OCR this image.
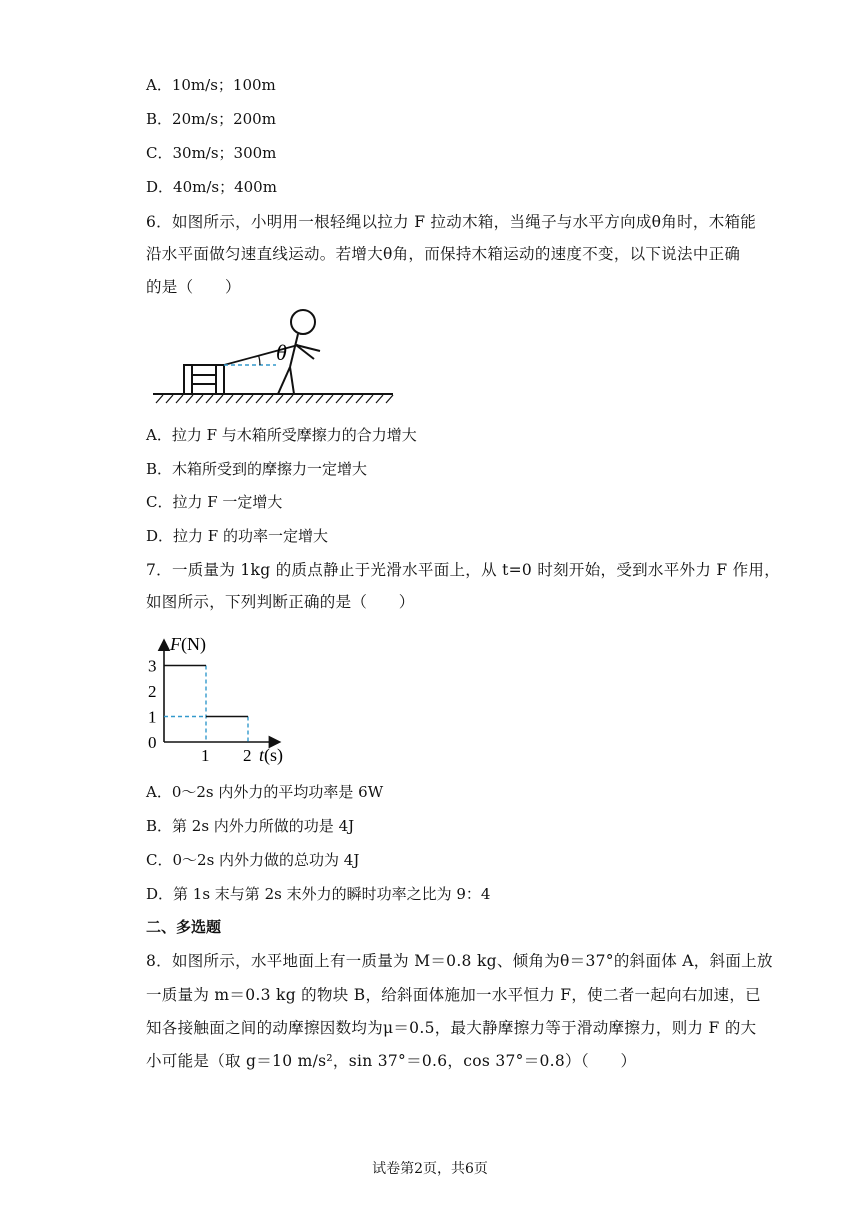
A．10m/s；100m
B．20m/s；200m
C．30m/s；300m
D．40m/s；400m
6．如图所示，小明用一根轻绳以拉力 F 拉动木箱，当绳子与水平方向成θ角时，木箱能
沿水平面做匀速直线运动。若增大θ角，而保持木箱运动的速度不变，以下说法中正确
的是（　　）
θ
A．拉力 F 与木箱所受摩擦力的合力增大
B．木箱所受到的摩擦力一定增大
C．拉力 F 一定增大
D．拉力 F 的功率一定增大
7．一质量为 1kg 的质点静止于光滑水平面上，从 t=0 时刻开始，受到水平外力 F 作用，
如图所示，下列判断正确的是（　　）
0
1
2
3
1 2
F(N)
t(s)
A．0～2s 内外力的平均功率是 6W
B．第 2s 内外力所做的功是 4J
C．0～2s 内外力做的总功为 4J
D．第 1s 末与第 2s 末外力的瞬时功率之比为 9：4
二、多选题
8．如图所示，水平地面上有一质量为 M＝0.8 kg、倾角为θ＝37°的斜面体 A，斜面上放
一质量为 m＝0.3 kg 的物块 B，给斜面体施加一水平恒力 F，使二者一起向右加速，已
知各接触面之间的动摩擦因数均为μ＝0.5，最大静摩擦力等于滑动摩擦力，则力 F 的大
小可能是（取 g＝10 m/s²，sin 37°＝0.6，cos 37°＝0.8）（　　）
试卷第2页，共6页
